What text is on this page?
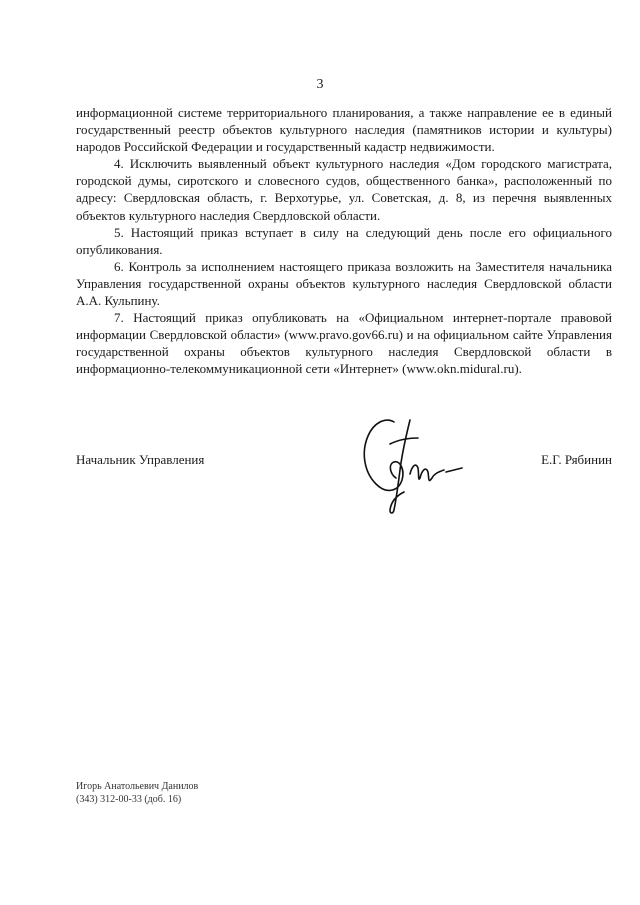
3

информационной системе территориального планирования, а также направление ее в единый государственный реестр объектов культурного наследия (памятников истории и культуры) народов Российской Федерации и государственный кадастр недвижимости.

4. Исключить выявленный объект культурного наследия «Дом городского магистрата, городской думы, сиротского и словесного судов, общественного банка», расположенный по адресу: Свердловская область, г. Верхотурье, ул. Советская, д. 8, из перечня выявленных объектов культурного наследия Свердловской области.

5. Настоящий приказ вступает в силу на следующий день после его официального опубликования.

6. Контроль за исполнением настоящего приказа возложить на Заместителя начальника Управления государственной охраны объектов культурного наследия Свердловской области А.А. Кульпину.

7. Настоящий приказ опубликовать на «Официальном интернет-портале правовой информации Свердловской области» (www.pravo.gov66.ru) и на официальном сайте Управления государственной охраны объектов культурного наследия Свердловской области в информационно-телекоммуникационной сети «Интернет» (www.okn.midural.ru).

Начальник Управления	Е.Г. Рябинин
Игорь Анатольевич Данилов
(343) 312-00-33 (доб. 16)
